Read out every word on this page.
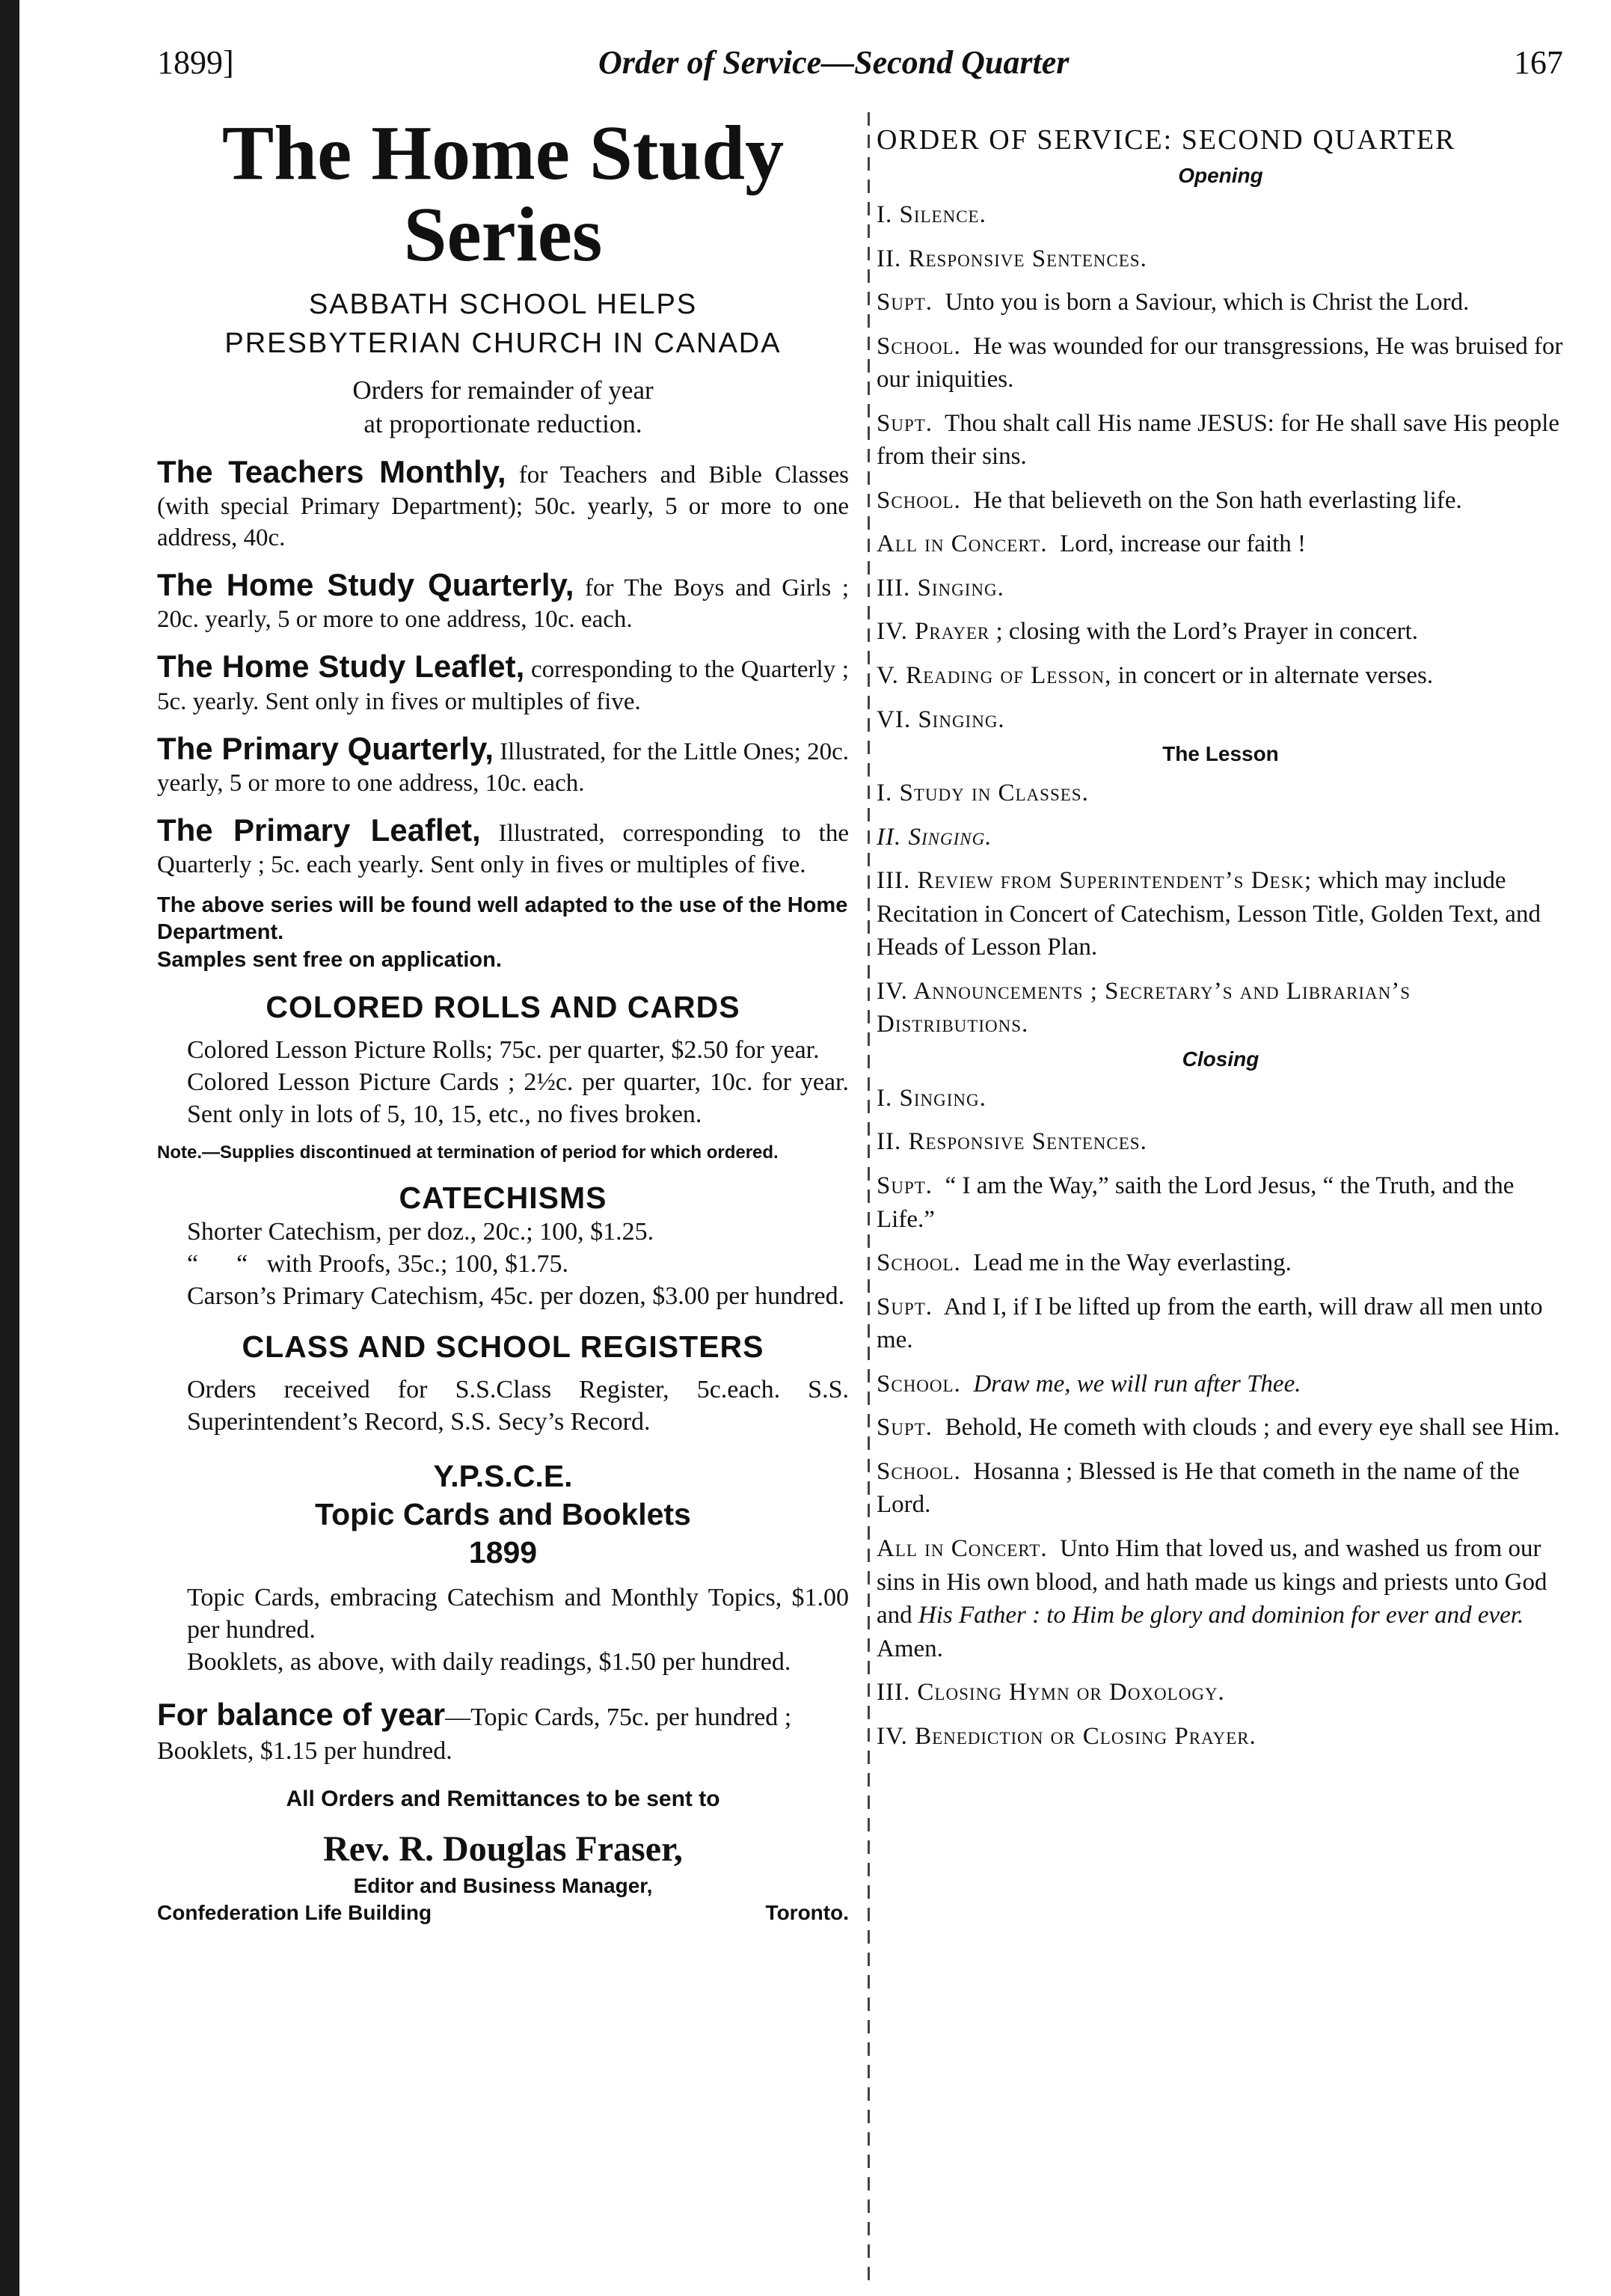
1899]	Order of Service—Second Quarter	167
The Home Study Series
SABBATH SCHOOL HELPS
PRESBYTERIAN CHURCH IN CANADA
Orders for remainder of year
at proportionate reduction.
The Teachers Monthly, for Teachers and Bible Classes (with special Primary Department); 50c. yearly, 5 or more to one address, 40c.
The Home Study Quarterly, for The Boys and Girls ; 20c. yearly, 5 or more to one address, 10c. each.
The Home Study Leaflet, corresponding to the Quarterly ; 5c. yearly. Sent only in fives or multiples of five.
The Primary Quarterly, Illustrated, for the Little Ones; 20c. yearly, 5 or more to one address, 10c. each.
The Primary Leaflet, Illustrated, corresponding to the Quarterly ; 5c. each yearly. Sent only in fives or multiples of five.
The above series will be found well adapted to the use of the Home Department.
Samples sent free on application.
COLORED ROLLS AND CARDS
Colored Lesson Picture Rolls; 75c. per quarter, $2.50 for year.
Colored Lesson Picture Cards ; 2½c. per quarter, 10c. for year. Sent only in lots of 5, 10, 15, etc., no fives broken.
Note.—Supplies discontinued at termination of period for which ordered.
CATECHISMS
Shorter Catechism, per doz., 20c.; 100, $1.25.
“      “   with Proofs, 35c.; 100, $1.75.
Carson’s Primary Catechism, 45c. per dozen, $3.00 per hundred.
CLASS AND SCHOOL REGISTERS
Orders received for S.S.Class Register, 5c.each. S.S. Superintendent’s Record, S.S. Secy’s Record.
Y.P.S.C.E.
Topic Cards and Booklets
1899
Topic Cards, embracing Catechism and Monthly Topics, $1.00 per hundred.
Booklets, as above, with daily readings, $1.50 per hundred.
For balance of year—Topic Cards, 75c. per hundred ; Booklets, $1.15 per hundred.
All Orders and Remittances to be sent to
Rev. R. Douglas Fraser,
Editor and Business Manager,
Confederation Life Building	Toronto.
ORDER OF SERVICE: SECOND QUARTER
Opening
I. Silence.
II. Responsive Sentences.
Supt.  Unto you is born a Saviour, which is Christ the Lord.
School.  He was wounded for our transgressions, He was bruised for our iniquities.
Supt.  Thou shalt call His name JESUS: for He shall save His people from their sins.
School.  He that believeth on the Son hath everlasting life.
All in Concert.  Lord, increase our faith !
III. Singing.
IV. Prayer ; closing with the Lord’s Prayer in concert.
V. Reading of Lesson, in concert or in alternate verses.
VI. Singing.
The Lesson
I. Study in Classes.
II. Singing.
III. Review from Superintendent’s Desk; which may include Recitation in Concert of Catechism, Lesson Title, Golden Text, and Heads of Lesson Plan.
IV. Announcements ; Secretary’s and Librarian’s Distributions.
Closing
I. Singing.
II. Responsive Sentences.
Supt.  “ I am the Way,” saith the Lord Jesus, “ the Truth, and the Life.”
School.  Lead me in the Way everlasting.
Supt.  And I, if I be lifted up from the earth, will draw all men unto me.
School.  Draw me, we will run after Thee.
Supt.  Behold, He cometh with clouds ; and every eye shall see Him.
School.  Hosanna ; Blessed is He that cometh in the name of the Lord.
All in Concert.  Unto Him that loved us, and washed us from our sins in His own blood, and hath made us kings and priests unto God and His Father : to Him be glory and dominion for ever and ever.  Amen.
III. Closing Hymn or Doxology.
IV. Benediction or Closing Prayer.
